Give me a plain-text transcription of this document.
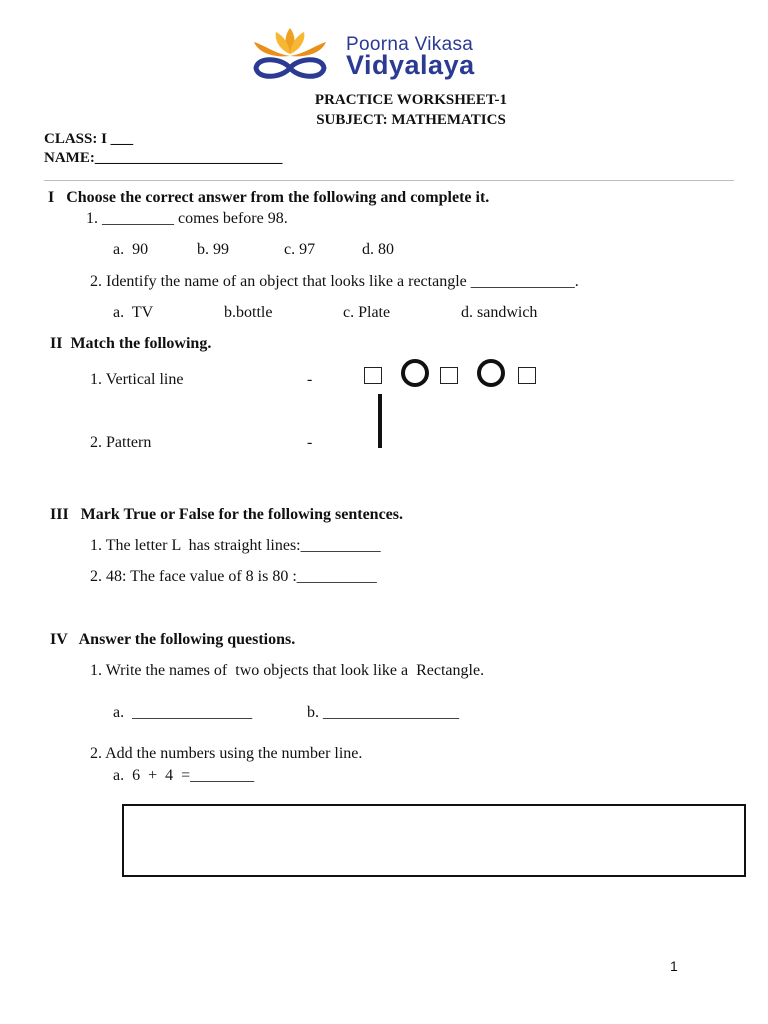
Poorna Vikasa
Vidyalaya
PRACTICE WORKSHEET-1
SUBJECT: MATHEMATICS
CLASS: I ___
NAME:_________________________
I   Choose the correct answer from the following and complete it.
1. _________ comes before 98.
a.  90	b. 99	c. 97	d. 80
2. Identify the name of an object that looks like a rectangle _____________.
a.  TV	b.bottle	c. Plate	d. sandwich
II  Match the following.
1. Vertical line	-
2. Pattern	-
III   Mark True or False for the following sentences.
1. The letter L  has straight lines:__________
2. 48: The face value of 8 is 80 :__________
IV   Answer the following questions.
1. Write the names of  two objects that look like a  Rectangle.
a.  _______________	b. _________________
2. Add the numbers using the number line.
a.  6  +  4  =________
1
